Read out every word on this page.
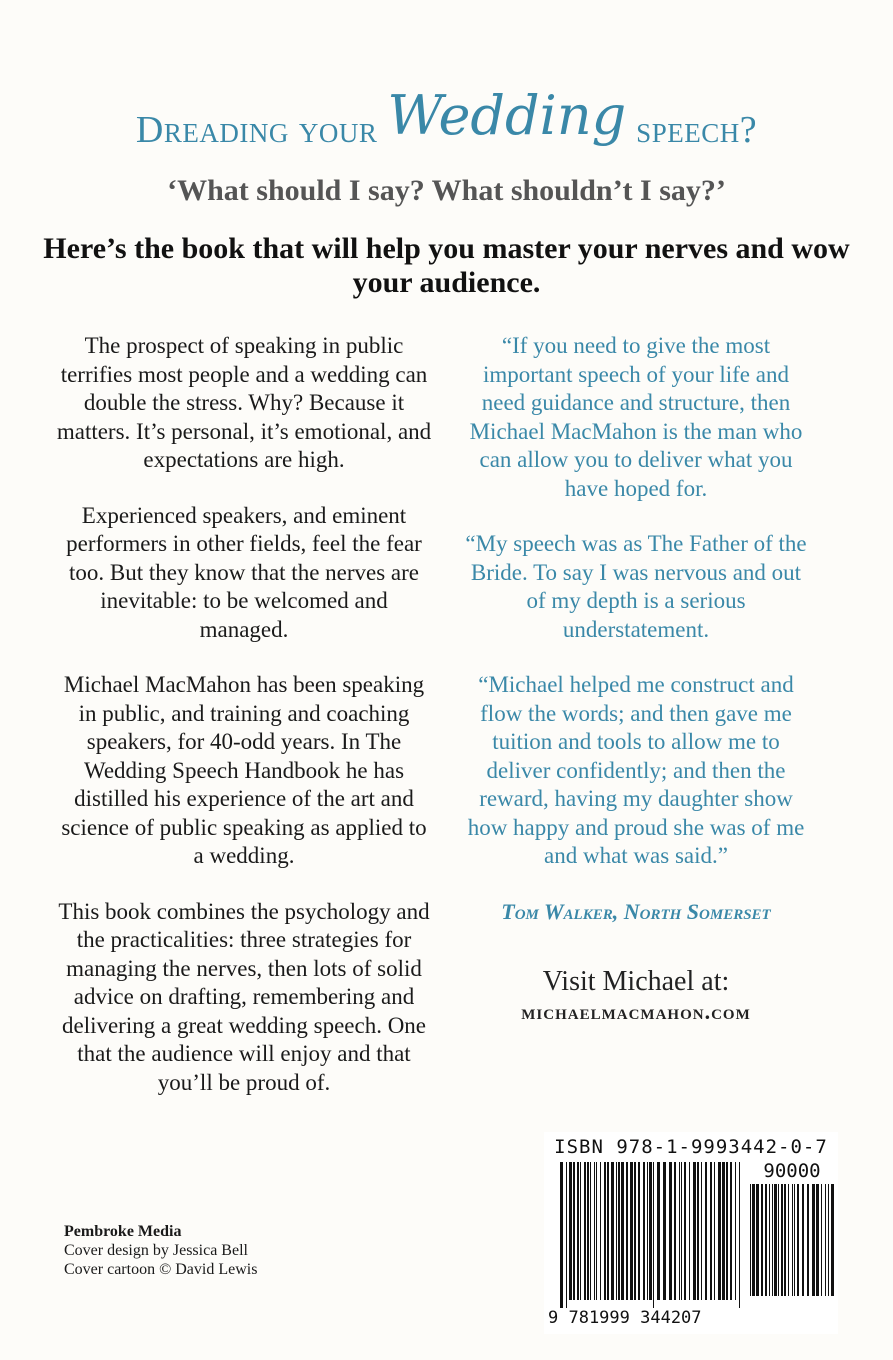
Dreading your Wedding speech?
‘What should I say? What shouldn’t I say?’
Here’s the book that will help you master your nerves and wow your audience.

The prospect of speaking in public terrifies most people and a wedding can double the stress. Why? Because it matters. It’s personal, it’s emotional, and expectations are high.

Experienced speakers, and eminent performers in other fields, feel the fear too. But they know that the nerves are inevitable: to be welcomed and managed.

Michael MacMahon has been speaking in public, and training and coaching speakers, for 40-odd years. In The Wedding Speech Handbook he has distilled his experience of the art and science of public speaking as applied to a wedding.

This book combines the psychology and the practicalities: three strategies for managing the nerves, then lots of solid advice on drafting, remembering and delivering a great wedding speech. One that the audience will enjoy and that you’ll be proud of.

“If you need to give the most important speech of your life and need guidance and structure, then Michael MacMahon is the man who can allow you to deliver what you have hoped for.

“My speech was as The Father of the Bride. To say I was nervous and out of my depth is a serious understatement.

“Michael helped me construct and flow the words; and then gave me tuition and tools to allow me to deliver confidently; and then the reward, having my daughter show how happy and proud she was of me and what was said.”

Tom Walker, North Somerset
Visit Michael at:
michaelmacmahon.com
Pembroke Media
Cover design by Jessica Bell
Cover cartoon © David Lewis
ISBN 978-1-9993442-0-7
90000
9 781999 344207
